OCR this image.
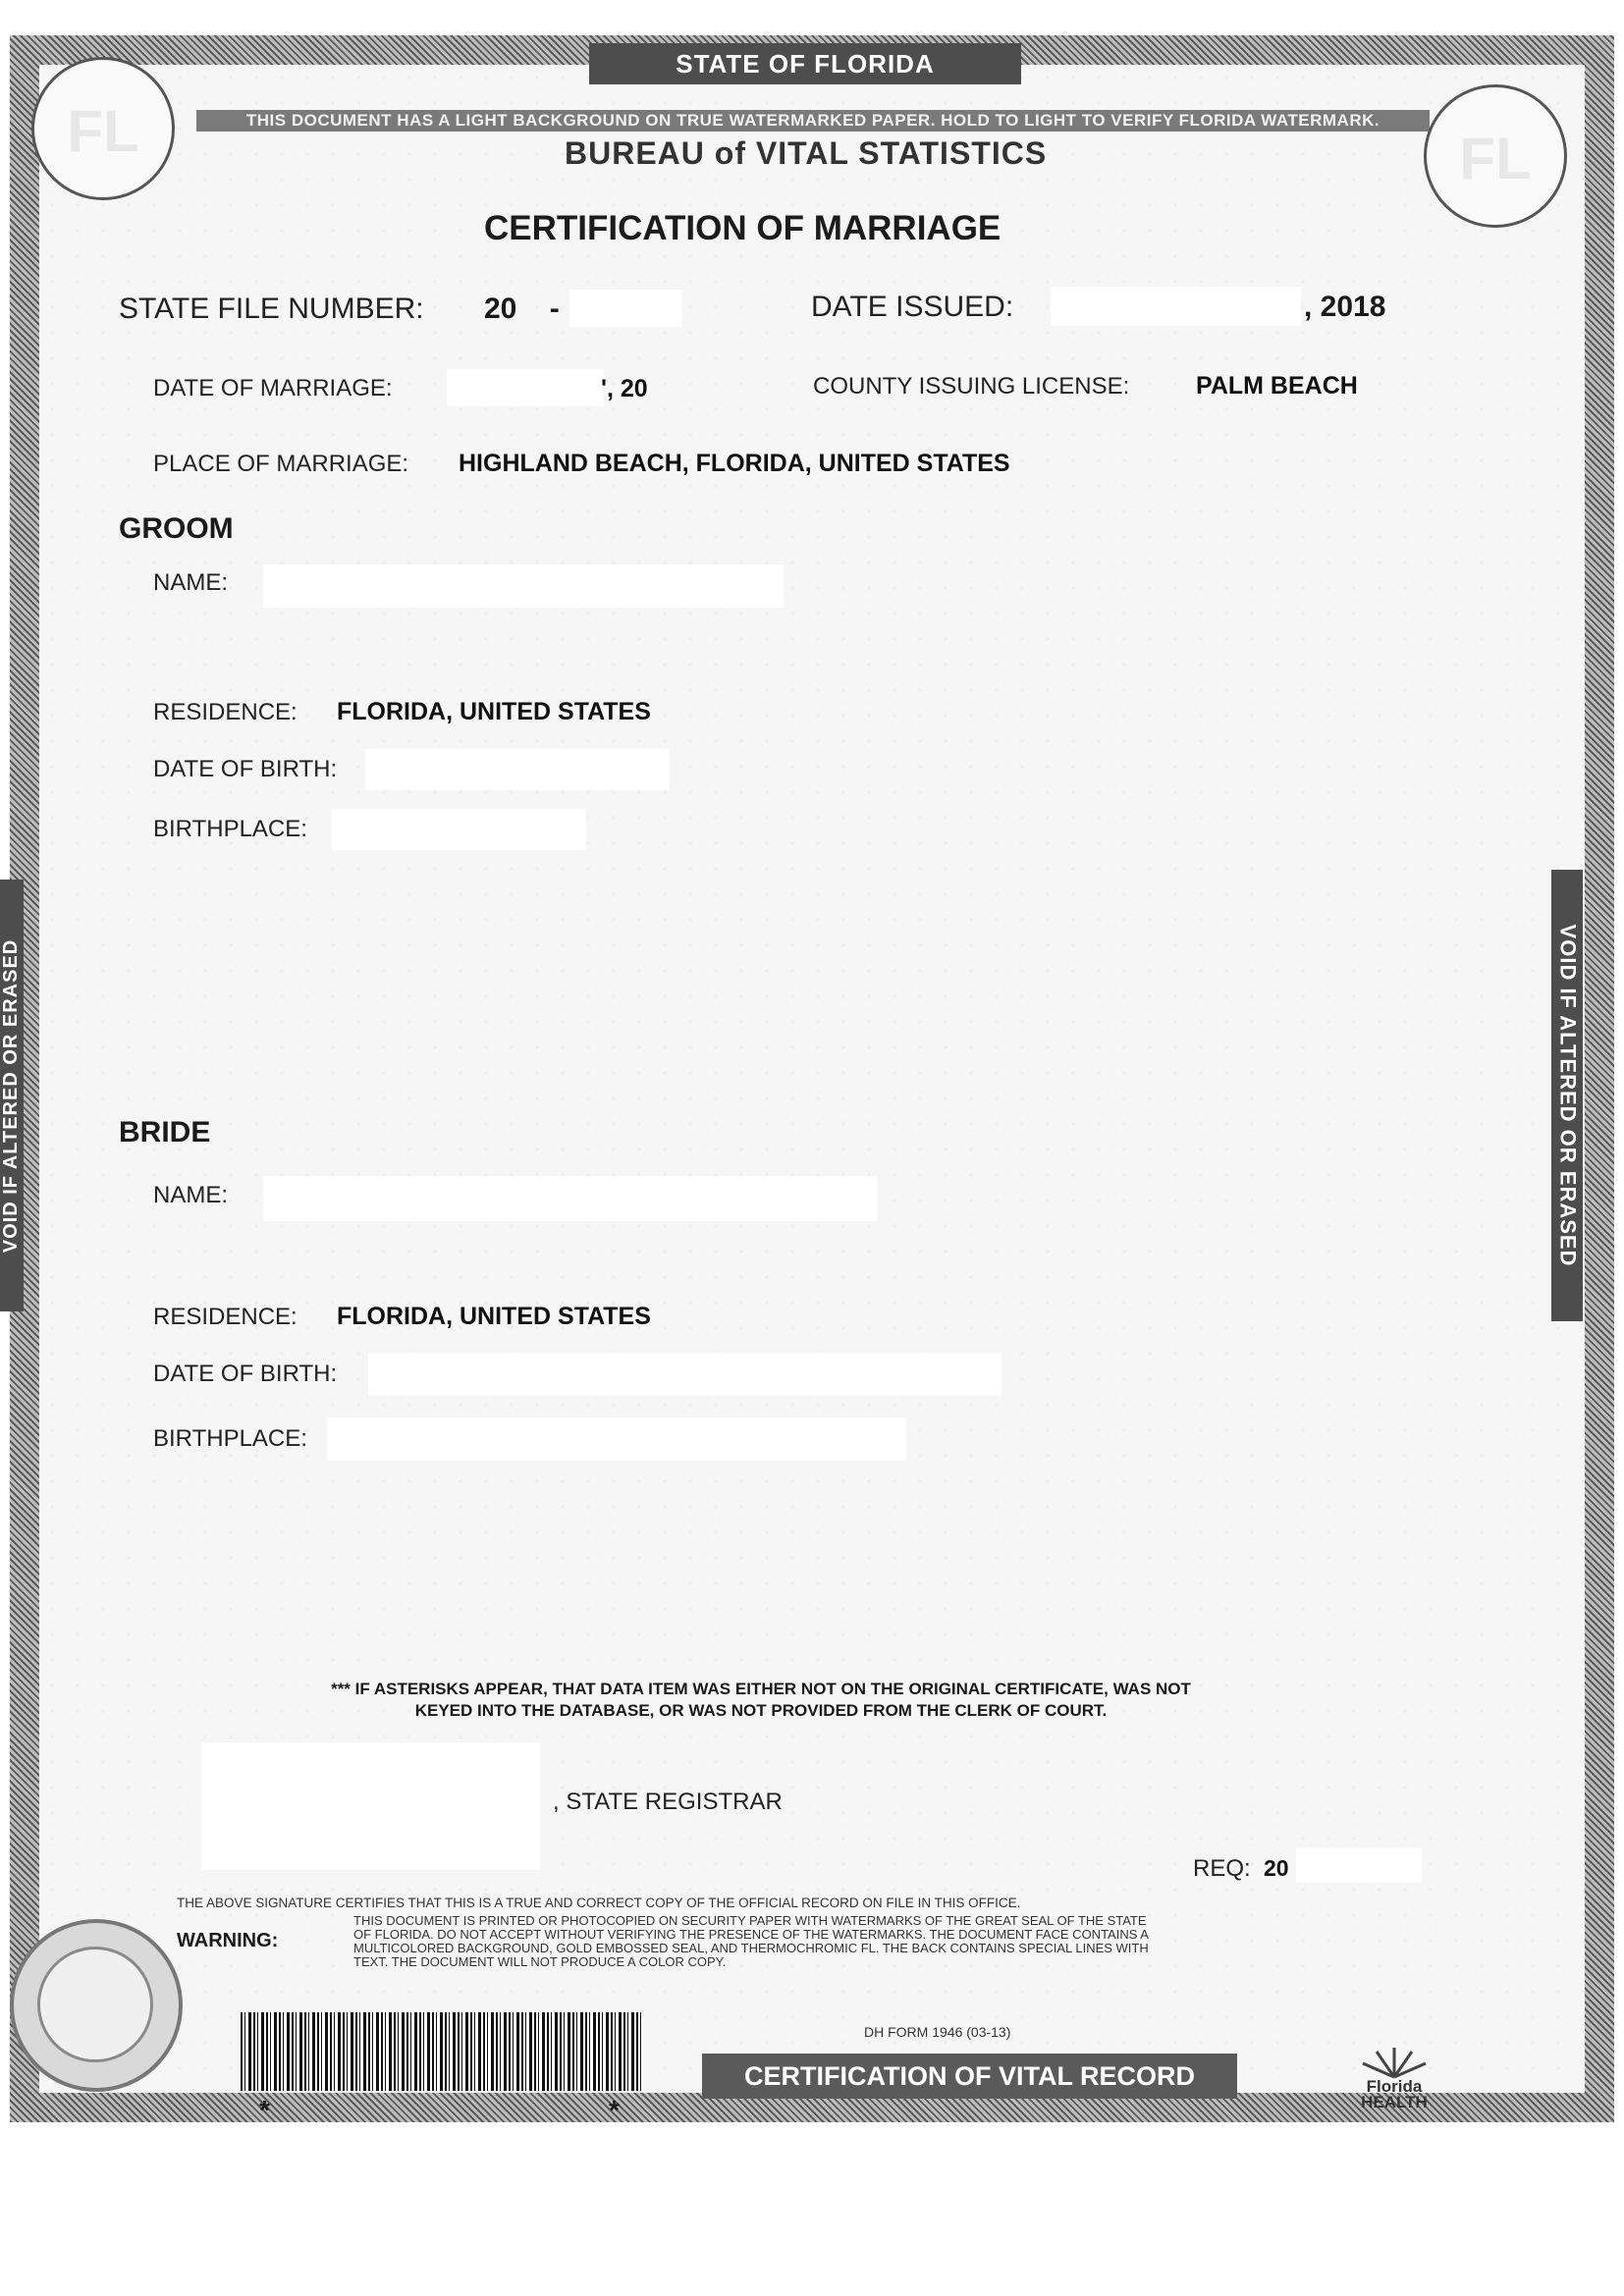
STATE OF FLORIDA
THIS DOCUMENT HAS A LIGHT BACKGROUND ON TRUE WATERMARKED PAPER. HOLD TO LIGHT TO VERIFY FLORIDA WATERMARK.
FL	FL
VOID IF ALTERED OR ERASED
VOID IF ALTERED OR ERASED
BUREAU of VITAL STATISTICS
CERTIFICATION OF MARRIAGE
STATE FILE NUMBER: 20    -	DATE ISSUED:	, 2018
DATE OF MARRIAGE:	', 20	COUNTY ISSUING LICENSE:	PALM BEACH
PLACE OF MARRIAGE: HIGHLAND BEACH, FLORIDA, UNITED STATES
GROOM
NAME:
RESIDENCE: FLORIDA, UNITED STATES
DATE OF BIRTH:
BIRTHPLACE:
BRIDE
NAME:
RESIDENCE: FLORIDA, UNITED STATES
DATE OF BIRTH:
BIRTHPLACE:
*** IF ASTERISKS APPEAR, THAT DATA ITEM WAS EITHER NOT ON THE ORIGINAL CERTIFICATE, WAS NOT
KEYED INTO THE DATABASE, OR WAS NOT PROVIDED FROM THE CLERK OF COURT.
, STATE REGISTRAR
REQ: 20
THE ABOVE SIGNATURE CERTIFIES THAT THIS IS A TRUE AND CORRECT COPY OF THE OFFICIAL RECORD ON FILE IN THIS OFFICE.
WARNING:
THIS DOCUMENT IS PRINTED OR PHOTOCOPIED ON SECURITY PAPER WITH WATERMARKS OF THE GREAT SEAL OF THE STATE OF FLORIDA. DO NOT ACCEPT WITHOUT VERIFYING THE PRESENCE OF THE WATERMARKS. THE DOCUMENT FACE CONTAINS A MULTICOLORED BACKGROUND, GOLD EMBOSSED SEAL, AND THERMOCHROMIC FL. THE BACK CONTAINS SPECIAL LINES WITH TEXT. THE DOCUMENT WILL NOT PRODUCE A COLOR COPY.
DH FORM 1946 (03-13)
*	*
CERTIFICATION OF VITAL RECORD	Florida
HEALTH
